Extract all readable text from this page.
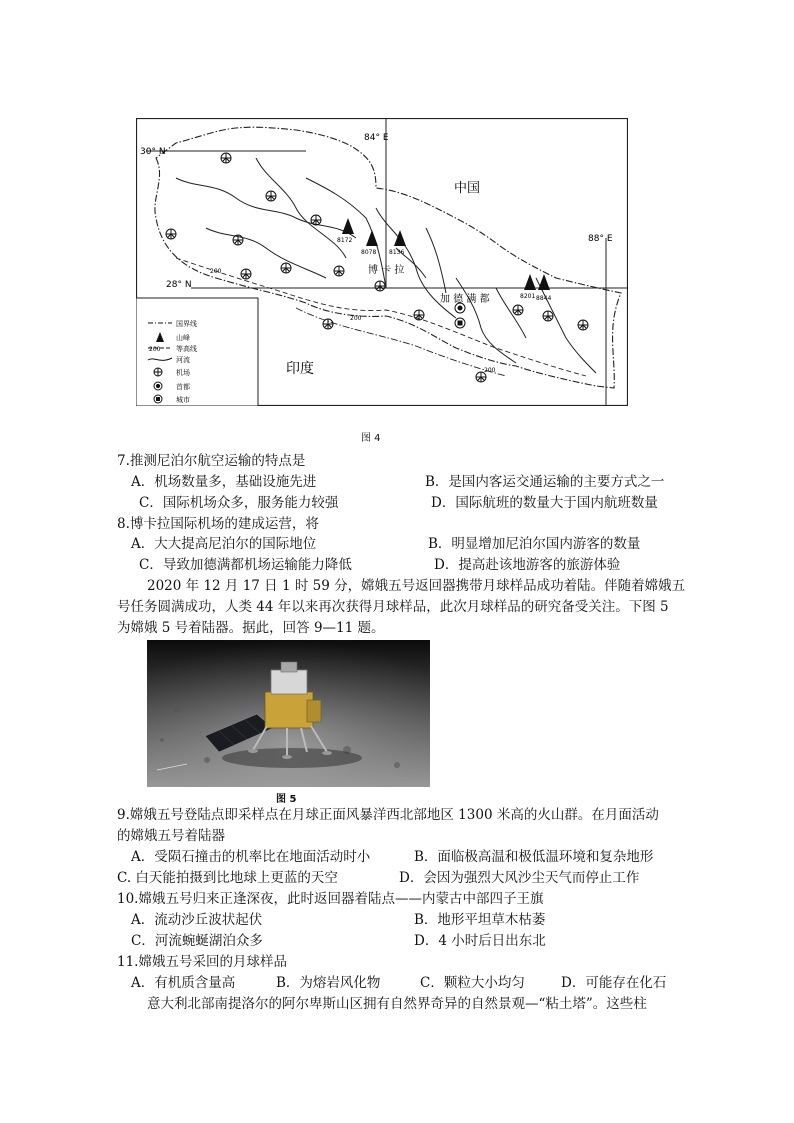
30° N
28° N
84° E
88° E
中国
印度
博 卡 拉
加 德 满 都
8172
8078 8136
8201 8844
200
200
200
200
国界线
山峰
等高线
河流
机场
首都
城市
图 4
7.推测尼泊尔航空运输的特点是
A．机场数量多，基础设施先进	B．是国内客运交通运输的主要方式之一
C．国际机场众多，服务能力较强	D．国际航班的数量大于国内航班数量
8.博卡拉国际机场的建成运营，将
A．大大提高尼泊尔的国际地位	B．明显增加尼泊尔国内游客的数量
C．导致加德满都机场运输能力降低	D．提高赴该地游客的旅游体验
2020 年 12 月 17 日 1 时 59 分，嫦娥五号返回器携带月球样品成功着陆。伴随着嫦娥五
号任务圆满成功，人类 44 年以来再次获得月球样品，此次月球样品的研究备受关注。下图 5
为嫦娥 5 号着陆器。据此，回答 9—11 题。
图 5
9.嫦娥五号登陆点即采样点在月球正面风暴洋西北部地区 1300 米高的火山群。在月面活动
的嫦娥五号着陆器
A．受陨石撞击的机率比在地面活动时小	B．面临极高温和极低温环境和复杂地形
C. 白天能拍摄到比地球上更蓝的天空	D．会因为强烈大风沙尘天气而停止工作
10.嫦娥五号归来正逢深夜，此时返回器着陆点——内蒙古中部四子王旗
A．流动沙丘波状起伏	B．地形平坦草木枯萎
C．河流蜿蜒湖泊众多	D．4 小时后日出东北
11.嫦娥五号采回的月球样品
A．有机质含量高	B．为熔岩风化物	C．颗粒大小均匀	D．可能存在化石
意大利北部南提洛尔的阿尔卑斯山区拥有自然界奇异的自然景观—“粘土塔”。这些柱
